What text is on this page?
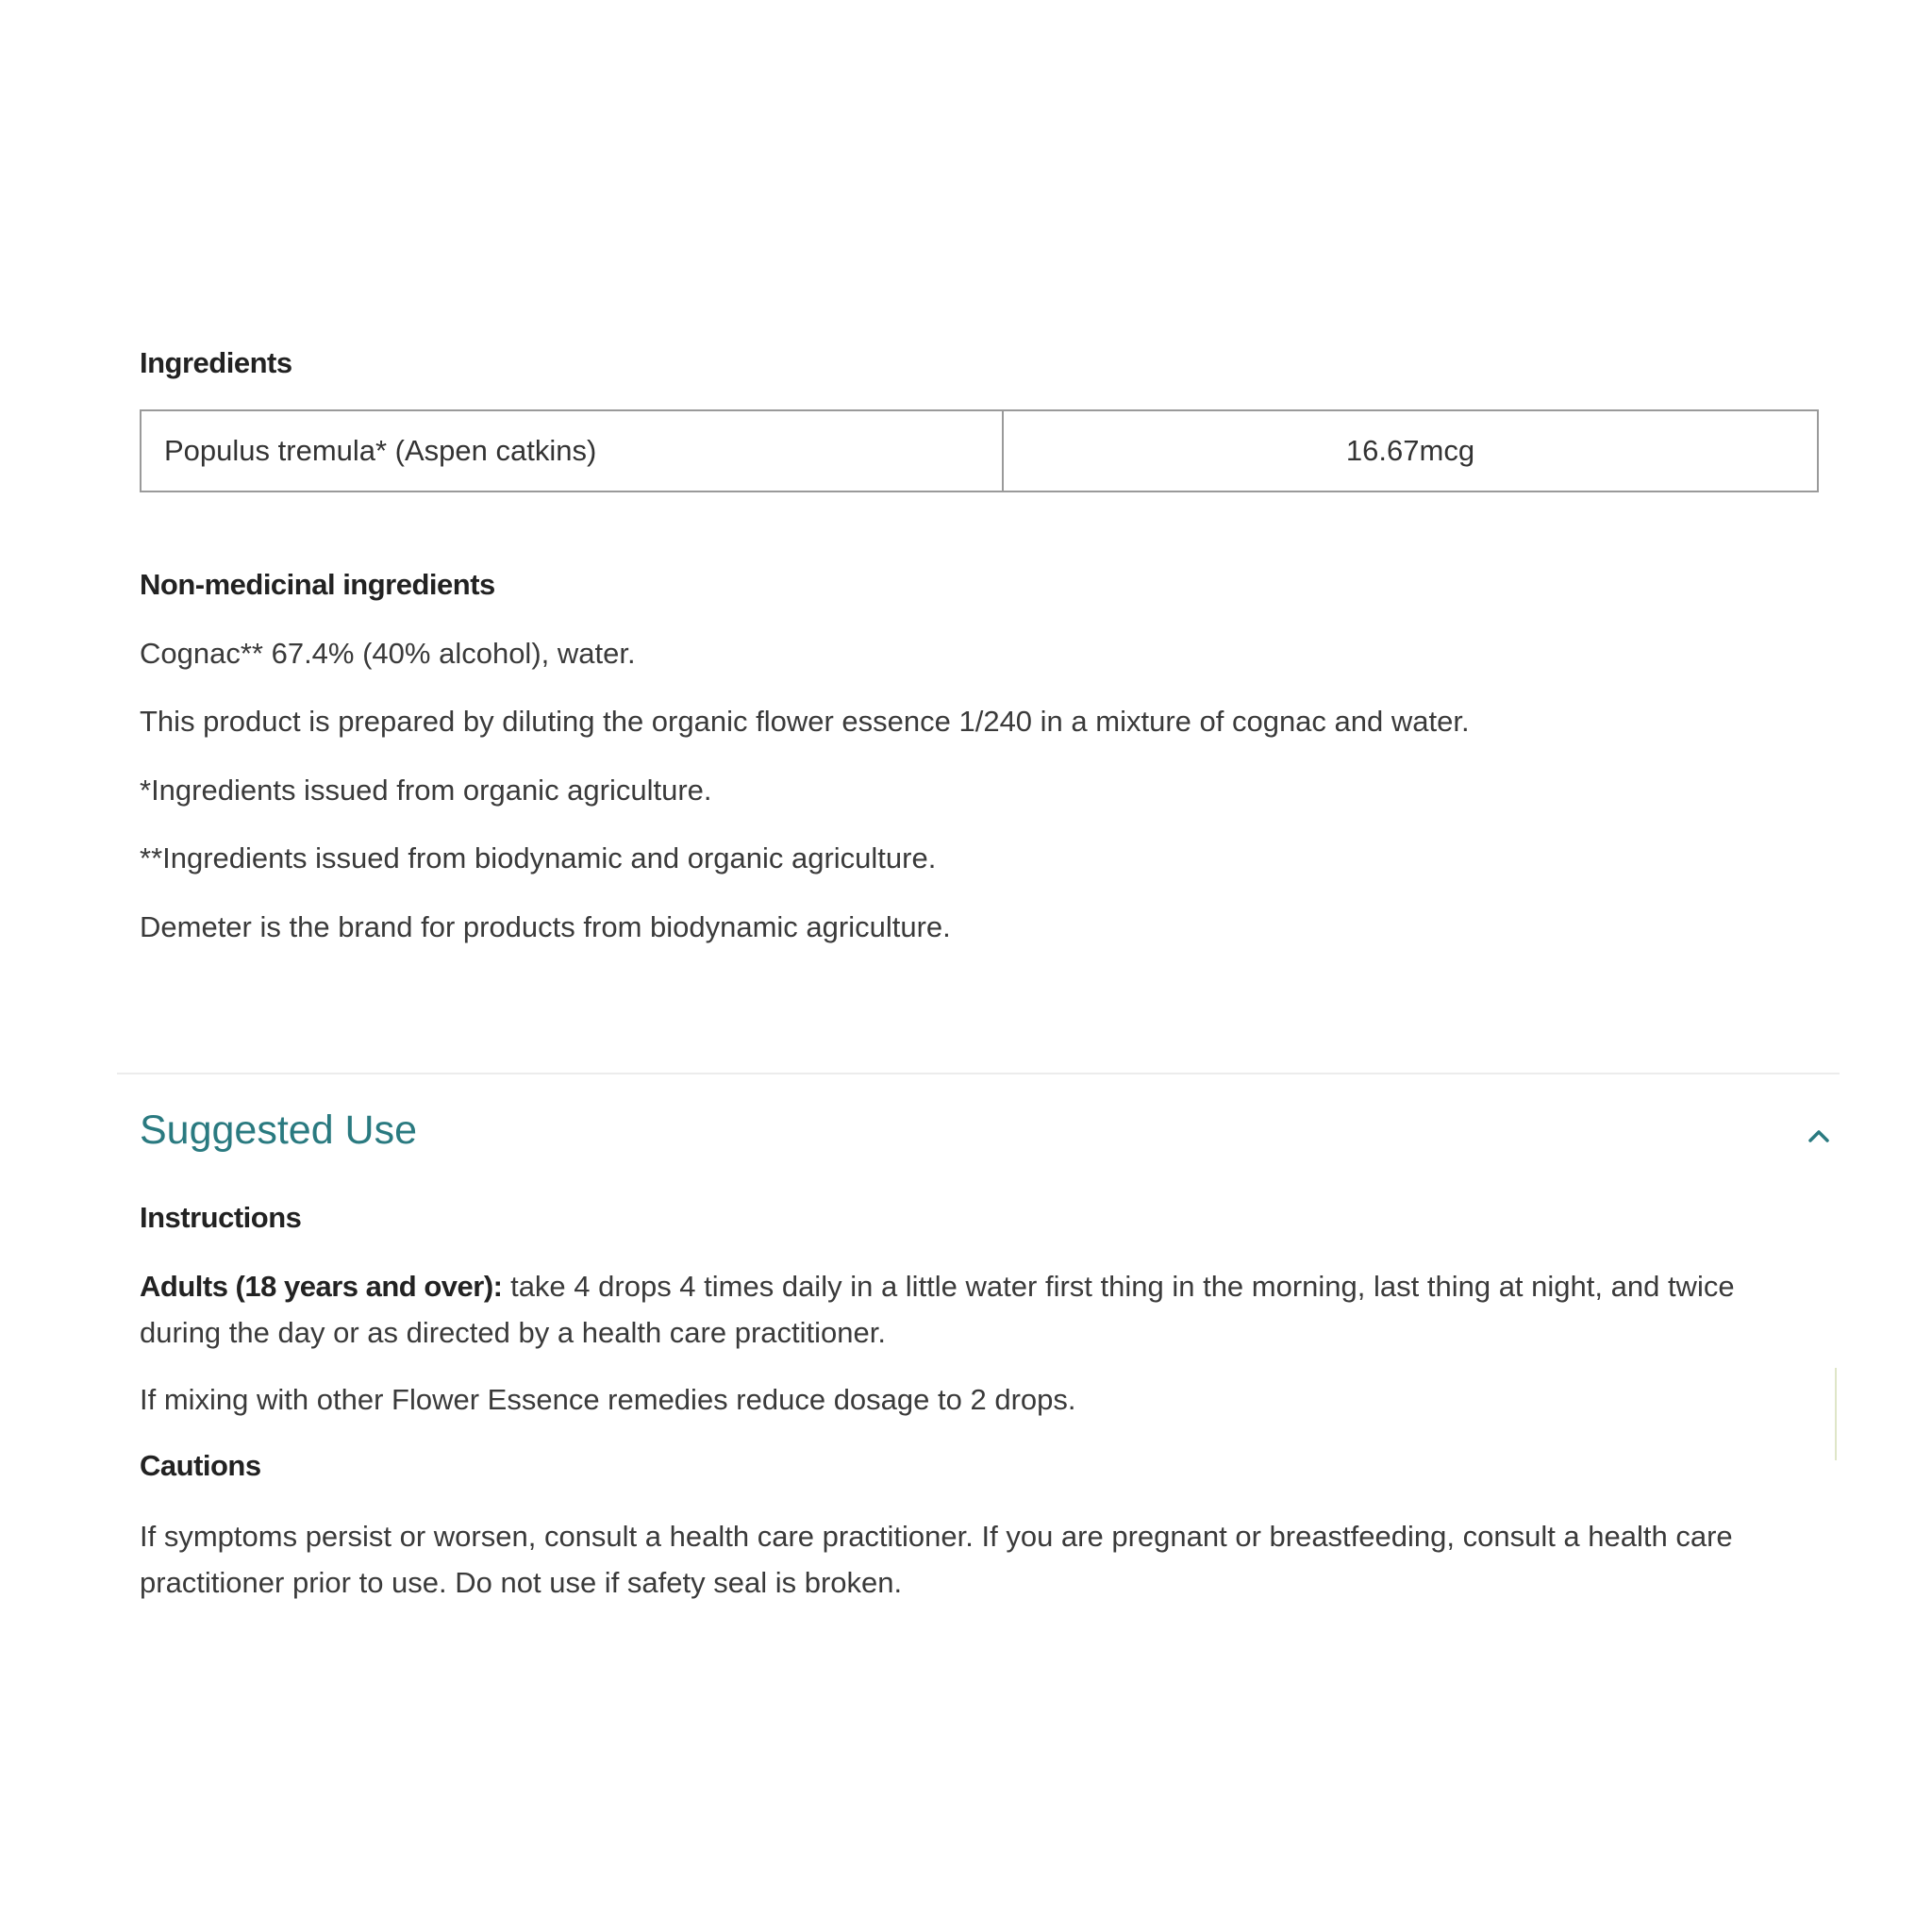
Ingredients
Populus tremula* (Aspen catkins)	16.67mcg
Non-medicinal ingredients

Cognac** 67.4% (40% alcohol), water.

This product is prepared by diluting the organic flower essence 1/240 in a mixture of cognac and water.

*Ingredients issued from organic agriculture.

**Ingredients issued from biodynamic and organic agriculture.

Demeter is the brand for products from biodynamic agriculture.

Suggested Use
Instructions

Adults (18 years and over): take 4 drops 4 times daily in a little water first thing in the morning, last thing at night, and twice during the day or as directed by a health care practitioner.

If mixing with other Flower Essence remedies reduce dosage to 2 drops.

Cautions

If symptoms persist or worsen, consult a health care practitioner. If you are pregnant or breastfeeding, consult a health care practitioner prior to use. Do not use if safety seal is broken.
